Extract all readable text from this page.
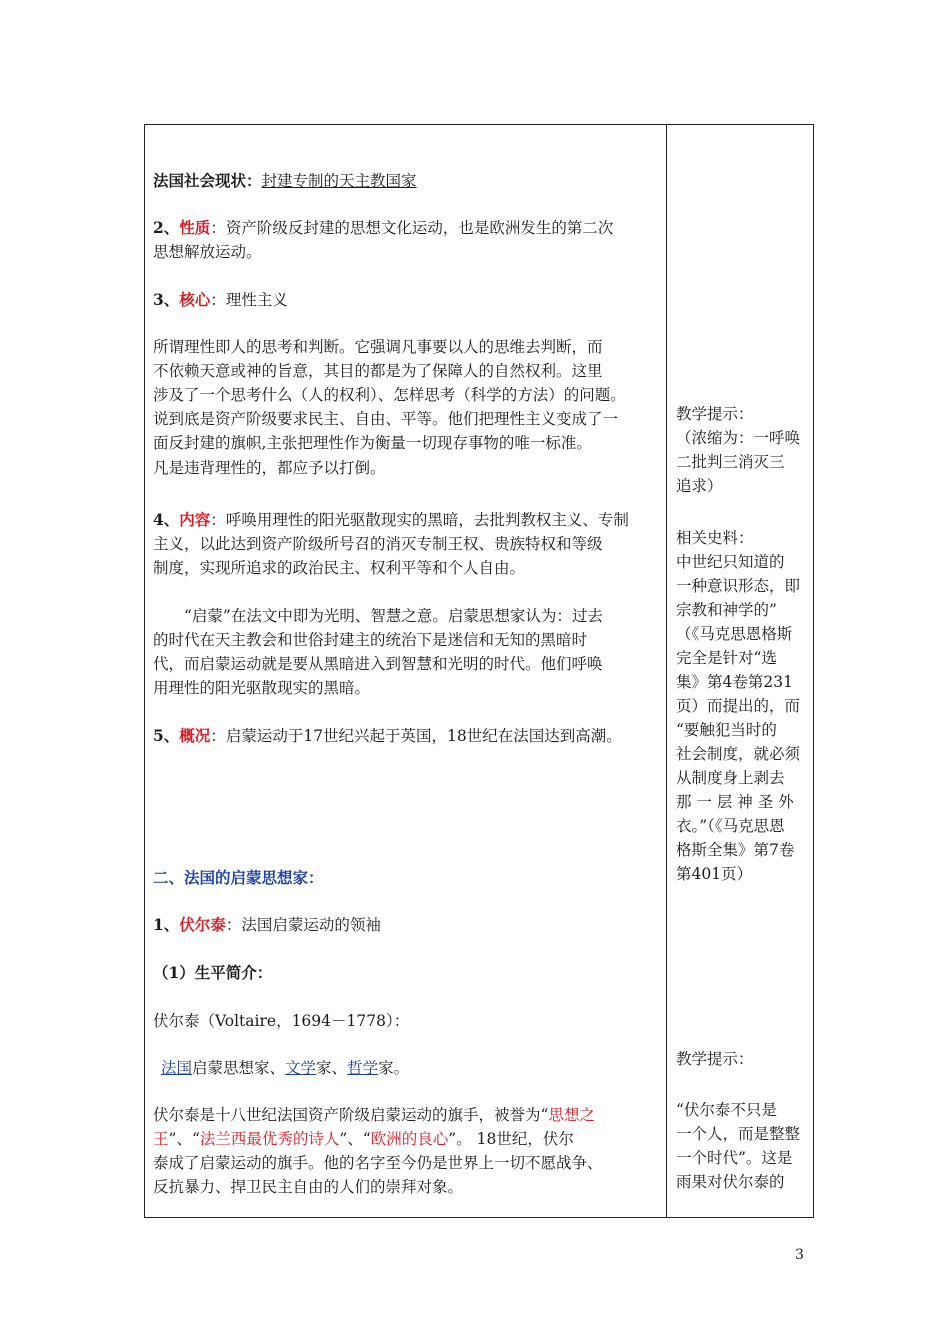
法国社会现状：封建专制的天主教国家
2、性质：资产阶级反封建的思想文化运动，也是欧洲发生的第二次
思想解放运动。
3、核心：理性主义
所谓理性即人的思考和判断。它强调凡事要以人的思维去判断，而
不依赖天意或神的旨意，其目的都是为了保障人的自然权利。这里
涉及了一个思考什么（人的权利）、怎样思考（科学的方法）的问题。
说到底是资产阶级要求民主、自由、平等。他们把理性主义变成了一
面反封建的旗帜,主张把理性作为衡量一切现存事物的唯一标准。
凡是违背理性的，都应予以打倒。
4、内容：呼唤用理性的阳光驱散现实的黑暗，去批判教权主义、专制
主义，以此达到资产阶级所号召的消灭专制王权、贵族特权和等级
制度，实现所追求的政治民主、权利平等和个人自由。
“启蒙”在法文中即为光明、智慧之意。启蒙思想家认为：过去
的时代在天主教会和世俗封建主的统治下是迷信和无知的黑暗时
代，而启蒙运动就是要从黑暗进入到智慧和光明的时代。他们呼唤
用理性的阳光驱散现实的黑暗。
5、概况：启蒙运动于17世纪兴起于英国，18世纪在法国达到高潮。
二、法国的启蒙思想家：
1、伏尔泰：法国启蒙运动的领袖
（1）生平简介：
伏尔泰（Voltaire，1694－1778）：
法国启蒙思想家、文学家、哲学家。
伏尔泰是十八世纪法国资产阶级启蒙运动的旗手，被誉为“思想之
王”、“法兰西最优秀的诗人”、“欧洲的良心”。 18世纪，伏尔
泰成了启蒙运动的旗手。他的名字至今仍是世界上一切不愿战争、
反抗暴力、捍卫民主自由的人们的崇拜对象。
教学提示：
（浓缩为：一呼唤
二批判三消灭三
追求）
相关史料：
中世纪只知道的
一种意识形态，即
宗教和神学的”
（《马克思恩格斯
完全是针对“选
集》第4卷第231
页）而提出的，而
“要触犯当时的
社会制度，就必须
从制度身上剥去
那 一 层 神 圣 外
衣。”（《马克思恩
格斯全集》第7卷
第401页）
教学提示：
“伏尔泰不只是
一个人，而是整整
一个时代”。这是
雨果对伏尔泰的
3
